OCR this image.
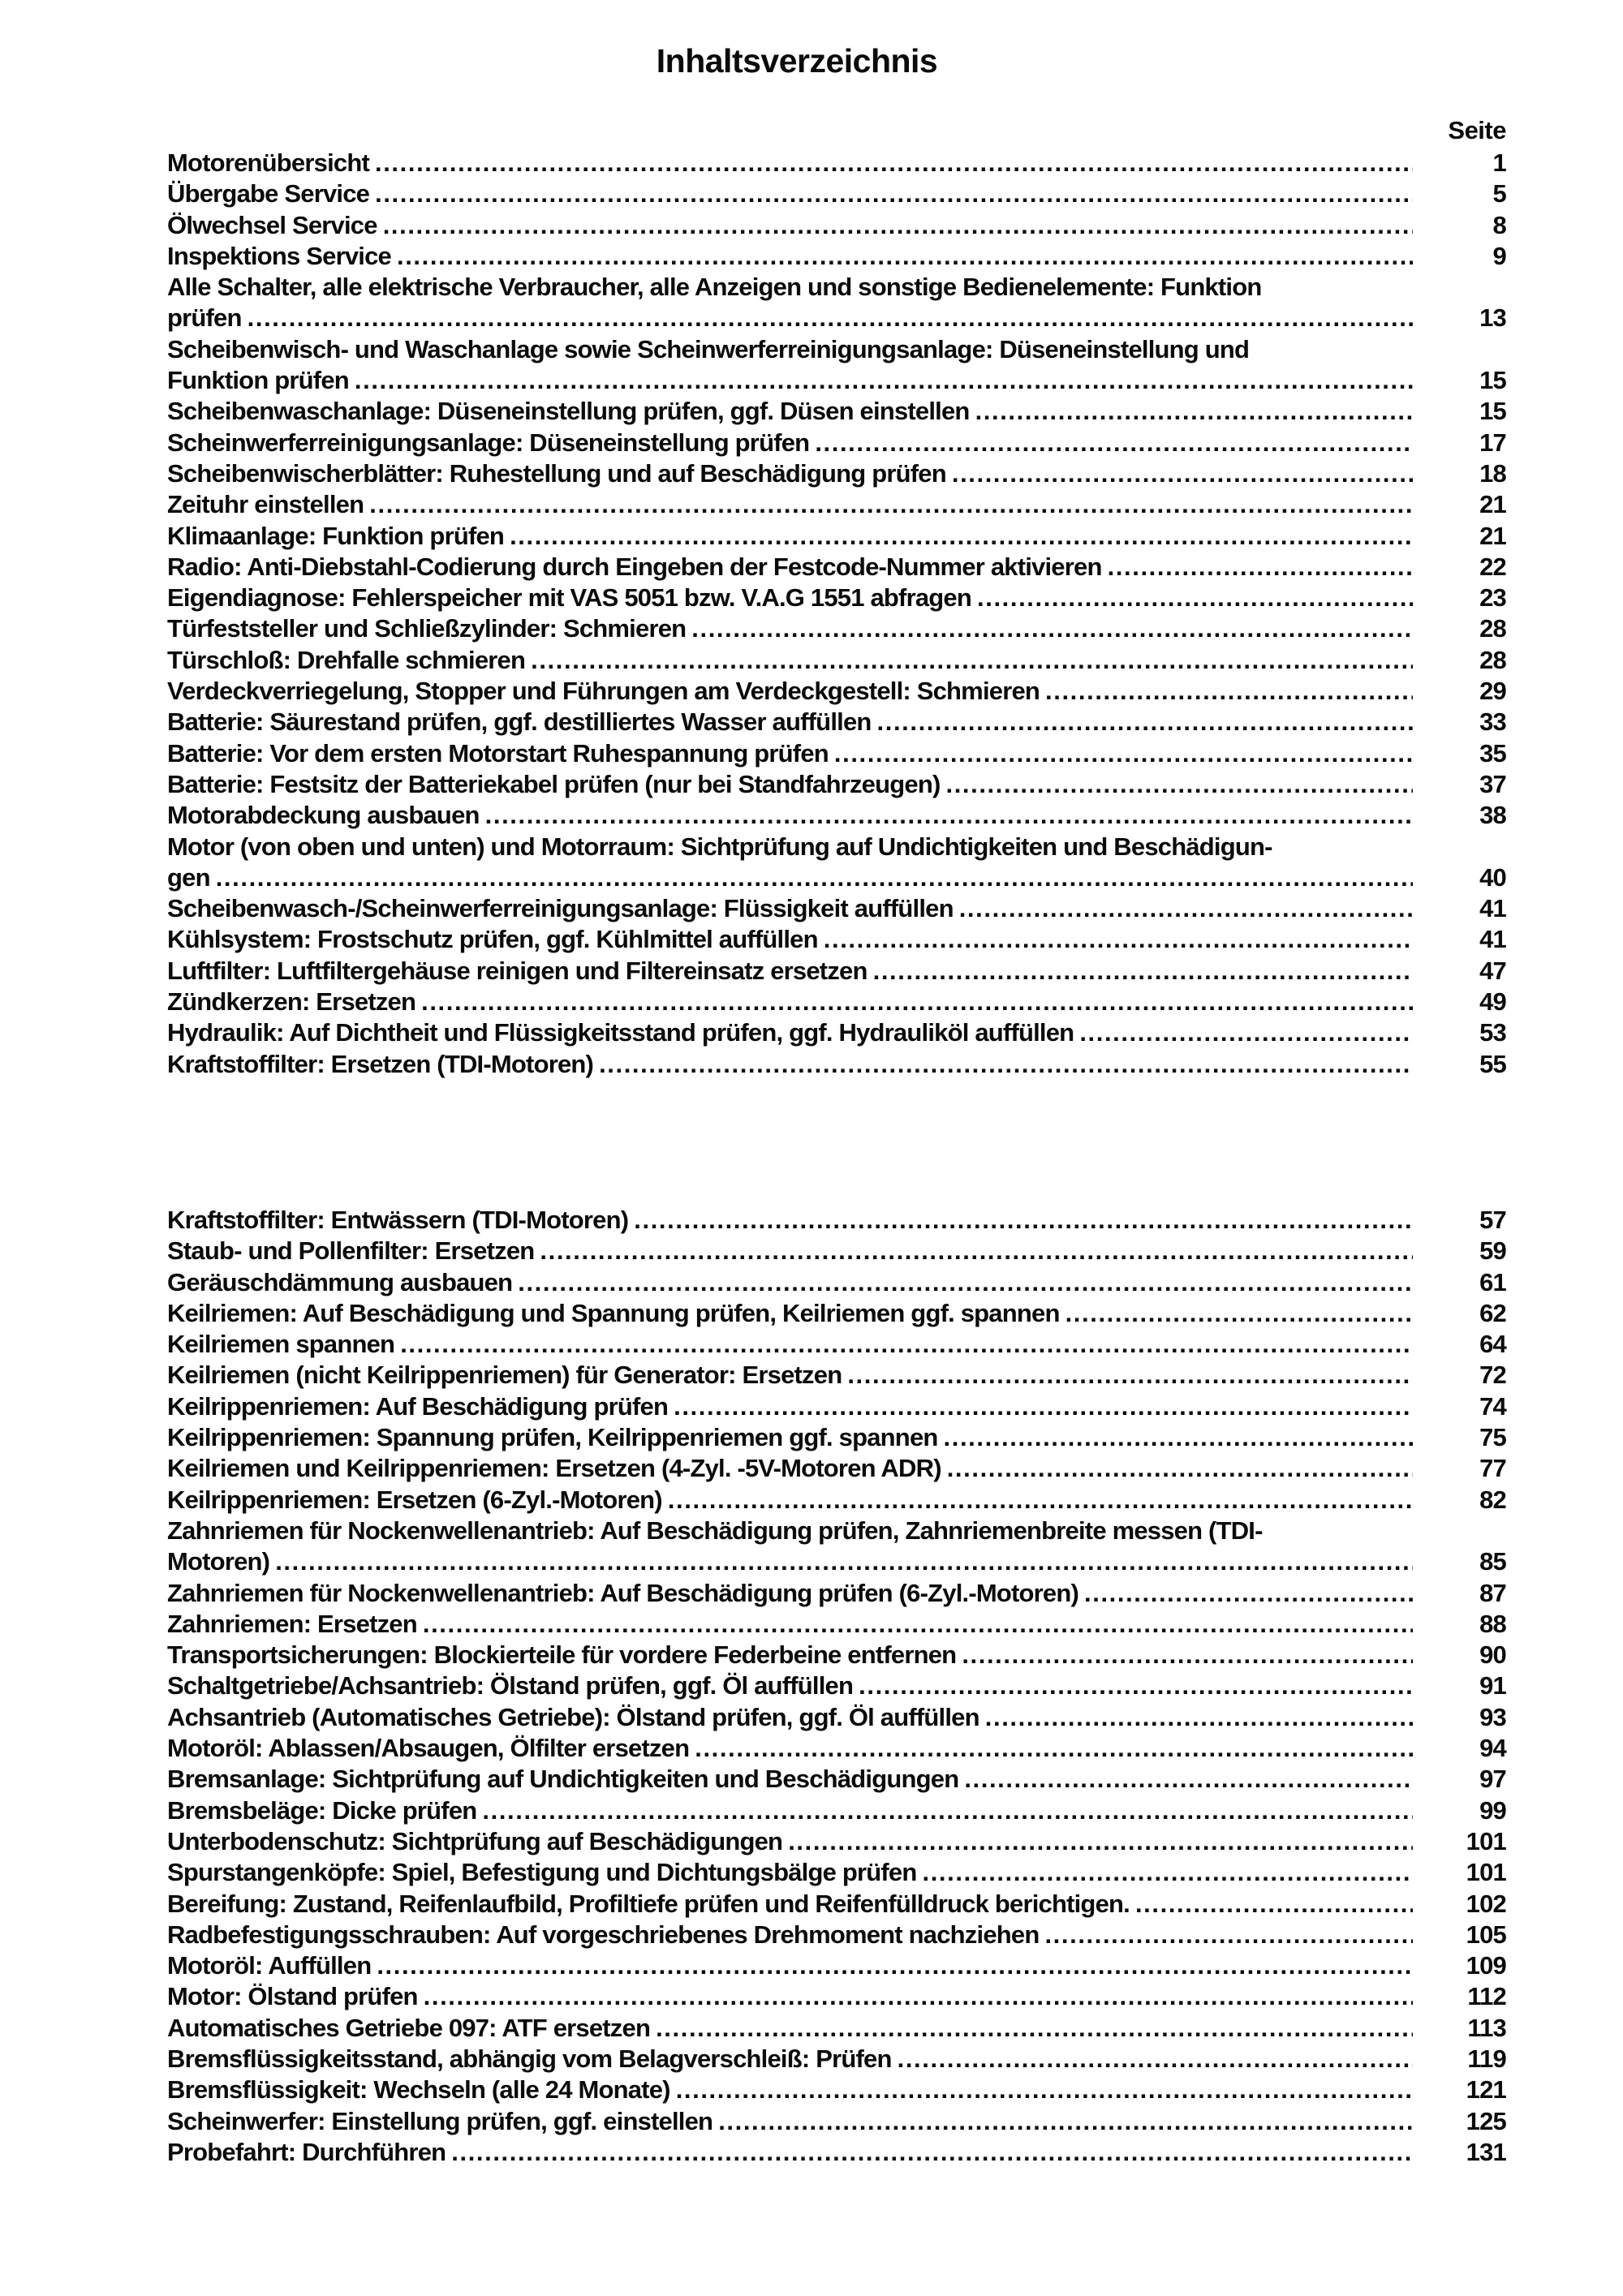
Inhaltsverzeichnis
Seite
Motorenübersicht .....	1
Übergabe Service .....	5
Ölwechsel Service .....	8
Inspektions Service .....	9
Alle Schalter, alle elektrische Verbraucher, alle Anzeigen und sonstige Bedienelemente: Funktion
prüfen .....	13
Scheibenwisch- und Waschanlage sowie Scheinwerferreinigungsanlage: Düseneinstellung und
Funktion prüfen .....	15
Scheibenwaschanlage: Düseneinstellung prüfen, ggf. Düsen einstellen .....	15
Scheinwerferreinigungsanlage: Düseneinstellung prüfen .....	17
Scheibenwischerblätter: Ruhestellung und auf Beschädigung prüfen .....	18
Zeituhr einstellen .....	21
Klimaanlage: Funktion prüfen .....	21
Radio: Anti-Diebstahl-Codierung durch Eingeben der Festcode-Nummer aktivieren .....	22
Eigendiagnose: Fehlerspeicher mit VAS 5051 bzw. V.A.G 1551 abfragen .....	23
Türfeststeller und Schließzylinder: Schmieren .....	28
Türschloß: Drehfalle schmieren .....	28
Verdeckverriegelung, Stopper und Führungen am Verdeckgestell: Schmieren .....	29
Batterie: Säurestand prüfen, ggf. destilliertes Wasser auffüllen .....	33
Batterie: Vor dem ersten Motorstart Ruhespannung prüfen .....	35
Batterie: Festsitz der Batteriekabel prüfen (nur bei Standfahrzeugen) .....	37
Motorabdeckung ausbauen .....	38
Motor (von oben und unten) und Motorraum: Sichtprüfung auf Undichtigkeiten und Beschädigun-
gen .....	40
Scheibenwasch-/Scheinwerferreinigungsanlage: Flüssigkeit auffüllen .....	41
Kühlsystem: Frostschutz prüfen, ggf. Kühlmittel auffüllen .....	41
Luftfilter: Luftfiltergehäuse reinigen und Filtereinsatz ersetzen .....	47
Zündkerzen: Ersetzen .....	49
Hydraulik: Auf Dichtheit und Flüssigkeitsstand prüfen, ggf. Hydrauliköl auffüllen .....	53
Kraftstoffilter: Ersetzen (TDI-Motoren) .....	55
Kraftstoffilter: Entwässern (TDI-Motoren) .....	57
Staub- und Pollenfilter: Ersetzen .....	59
Geräuschdämmung ausbauen .....	61
Keilriemen: Auf Beschädigung und Spannung prüfen, Keilriemen ggf. spannen .....	62
Keilriemen spannen .....	64
Keilriemen (nicht Keilrippenriemen) für Generator: Ersetzen .....	72
Keilrippenriemen: Auf Beschädigung prüfen .....	74
Keilrippenriemen: Spannung prüfen, Keilrippenriemen ggf. spannen .....	75
Keilriemen und Keilrippenriemen: Ersetzen (4-Zyl. -5V-Motoren ADR) .....	77
Keilrippenriemen: Ersetzen (6-Zyl.-Motoren) .....	82
Zahnriemen für Nockenwellenantrieb: Auf Beschädigung prüfen, Zahnriemenbreite messen (TDI-
Motoren) .....	85
Zahnriemen für Nockenwellenantrieb: Auf Beschädigung prüfen (6-Zyl.-Motoren) .....	87
Zahnriemen: Ersetzen .....	88
Transportsicherungen: Blockierteile für vordere Federbeine entfernen .....	90
Schaltgetriebe/Achsantrieb: Ölstand prüfen, ggf. Öl auffüllen .....	91
Achsantrieb (Automatisches Getriebe): Ölstand prüfen, ggf. Öl auffüllen .....	93
Motoröl: Ablassen/Absaugen, Ölfilter ersetzen .....	94
Bremsanlage: Sichtprüfung auf Undichtigkeiten und Beschädigungen .....	97
Bremsbeläge: Dicke prüfen .....	99
Unterbodenschutz: Sichtprüfung auf Beschädigungen .....	101
Spurstangenköpfe: Spiel, Befestigung und Dichtungsbälge prüfen .....	101
Bereifung: Zustand, Reifenlaufbild, Profiltiefe prüfen und Reifenfülldruck berichtigen. .....	102
Radbefestigungsschrauben: Auf vorgeschriebenes Drehmoment nachziehen .....	105
Motoröl: Auffüllen .....	109
Motor: Ölstand prüfen .....	112
Automatisches Getriebe 097: ATF ersetzen .....	113
Bremsflüssigkeitsstand, abhängig vom Belagverschleiß: Prüfen .....	119
Bremsflüssigkeit: Wechseln (alle 24 Monate) .....	121
Scheinwerfer: Einstellung prüfen, ggf. einstellen .....	125
Probefahrt: Durchführen .....	131
